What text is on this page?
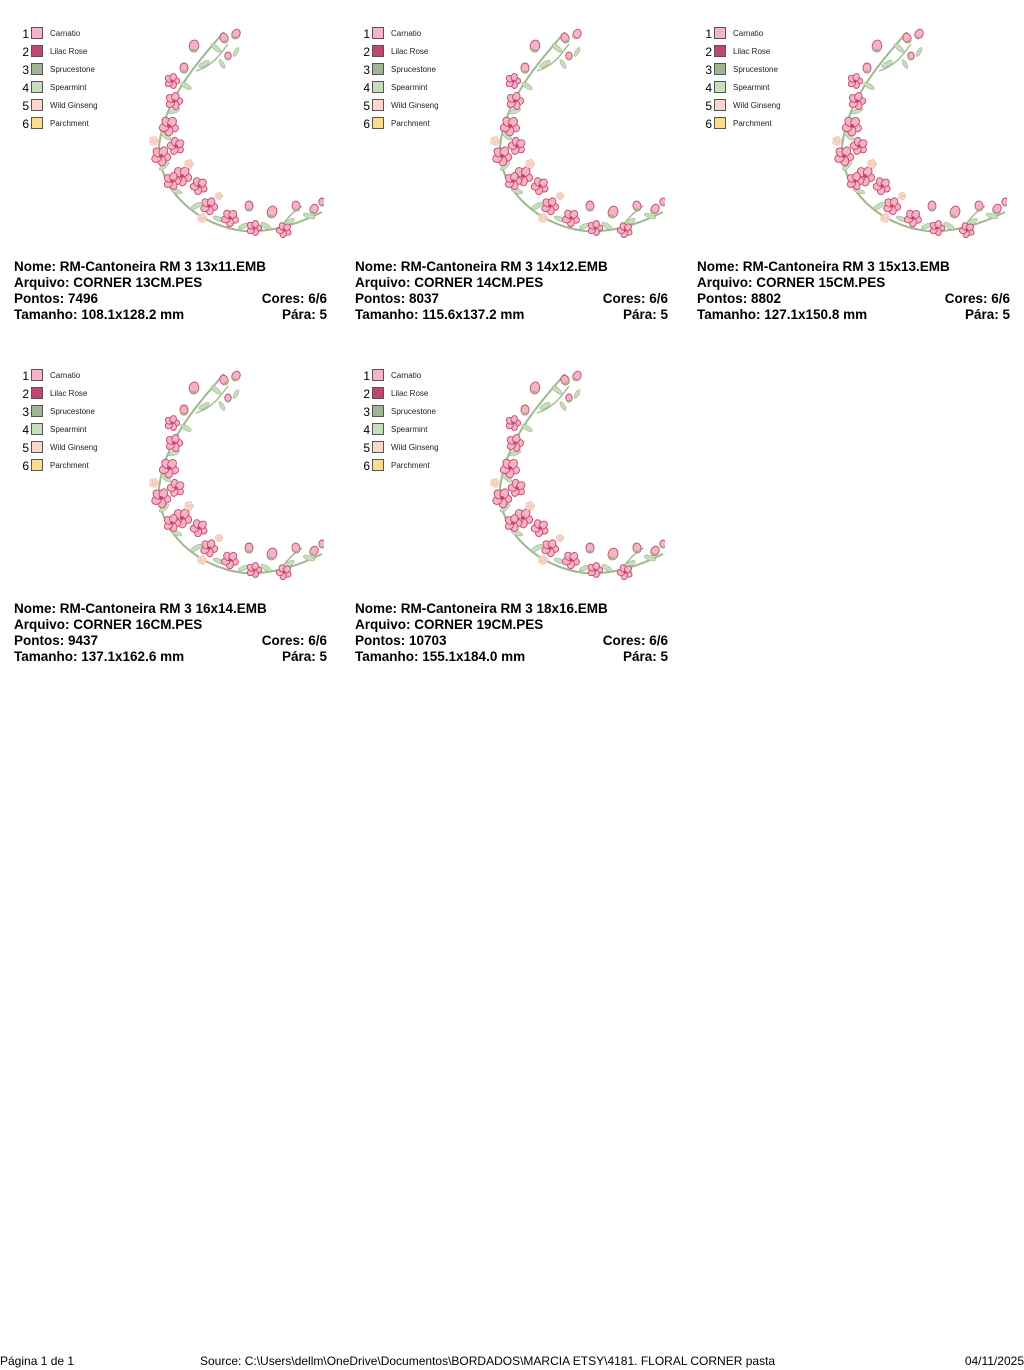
1	Carnatio
2	Lilac Rose
3	Sprucestone
4	Spearmint
5	Wild Ginseng
6	Parchment
Nome: RM-Cantoneira RM 3 13x11.EMB
Arquivo: CORNER 13CM.PES
Pontos: 7496	Cores: 6/6
Tamanho: 108.1x128.2 mm	Pára: 5
1	Carnatio
2	Lilac Rose
3	Sprucestone
4	Spearmint
5	Wild Ginseng
6	Parchment
Nome: RM-Cantoneira RM 3 14x12.EMB
Arquivo: CORNER 14CM.PES
Pontos: 8037	Cores: 6/6
Tamanho: 115.6x137.2 mm	Pára: 5
1	Carnatio
2	Lilac Rose
3	Sprucestone
4	Spearmint
5	Wild Ginseng
6	Parchment
Nome: RM-Cantoneira RM 3 15x13.EMB
Arquivo: CORNER 15CM.PES
Pontos: 8802	Cores: 6/6
Tamanho: 127.1x150.8 mm	Pára: 5
1	Carnatio
2	Lilac Rose
3	Sprucestone
4	Spearmint
5	Wild Ginseng
6	Parchment
Nome: RM-Cantoneira RM 3 16x14.EMB
Arquivo: CORNER 16CM.PES
Pontos: 9437	Cores: 6/6
Tamanho: 137.1x162.6 mm	Pára: 5
1	Carnatio
2	Lilac Rose
3	Sprucestone
4	Spearmint
5	Wild Ginseng
6	Parchment
Nome: RM-Cantoneira RM 3 18x16.EMB
Arquivo: CORNER 19CM.PES
Pontos: 10703	Cores: 6/6
Tamanho: 155.1x184.0 mm	Pára: 5
Página 1 de 1	Source: C:\Users\dellm\OneDrive\Documentos\BORDADOS\MARCIA ETSY\4181. FLORAL CORNER pasta	04/11/2025
